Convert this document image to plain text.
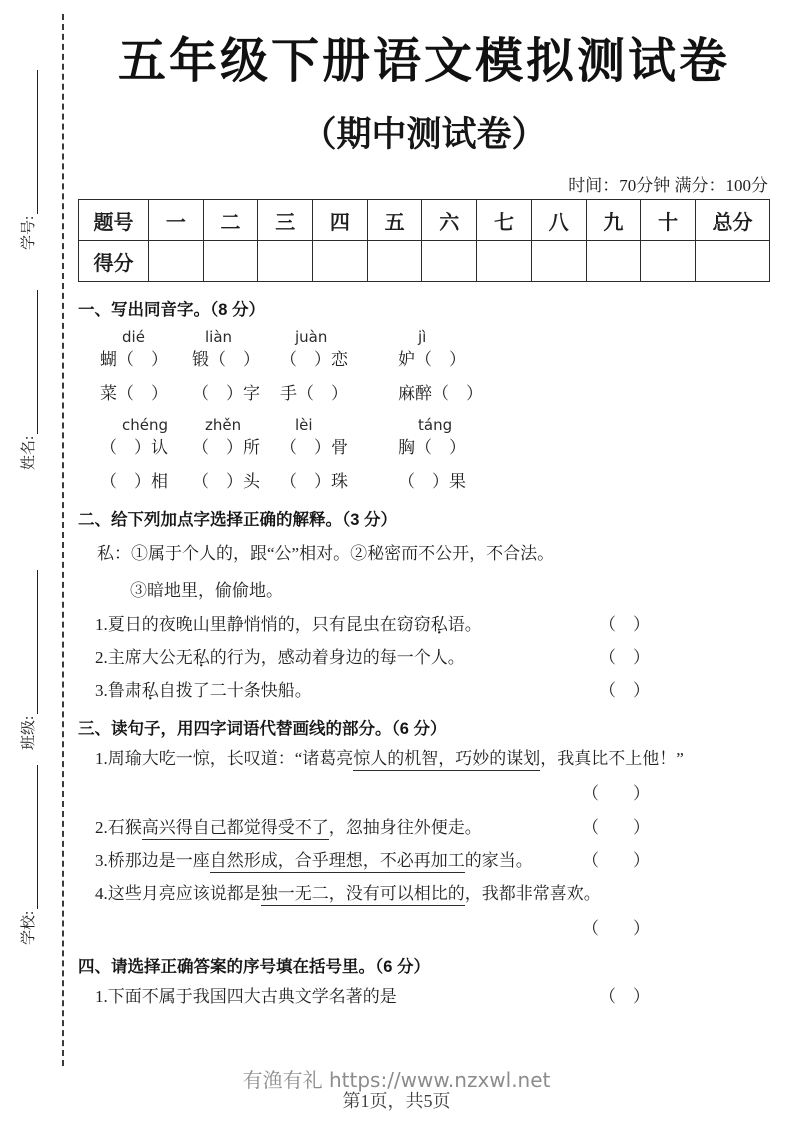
学号:
姓名:
班级:
学校:
五年级下册语文模拟测试卷
（期中测试卷）
时间：70分钟 满分：100分
题号	一	二	三	四	五	六	七	八	九	十	总分
得分											
一、写出同音字。（8 分）
dié	liàn	juàn	jì
蝴（　）	锻（　）	（　）恋	妒（　）
菜（　）	（　）字	手（　）	麻醉（　）
chéng	zhěn	lèi	táng
（　）认	（　）所	（　）骨	胸（　）
（　）相	（　）头	（　）珠	（　）果
二、给下列加点字选择正确的解释。（3 分）
私：①属于个人的，跟“公”相对。②秘密而不公开，不合法。
③暗地里，偷偷地。
1.夏日的夜晚山里静悄悄的，只有昆虫在窃窃私语。	（　）
2.主席大公无私的行为，感动着身边的每一个人。	（　）
3.鲁肃私自拨了二十条快船。	（　）
三、读句子，用四字词语代替画线的部分。（6 分）
1.周瑜大吃一惊，长叹道：“诸葛亮惊人的机智，巧妙的谋划，我真比不上他！”
（　　）
2.石猴高兴得自己都觉得受不了，忽抽身往外便走。	（　　）
3.桥那边是一座自然形成，合乎理想，不必再加工的家当。	（　　）
4.这些月亮应该说都是独一无二，没有可以相比的，我都非常喜欢。
（　　）
四、请选择正确答案的序号填在括号里。（6 分）
1.下面不属于我国四大古典文学名著的是	（　）
有渔有礼 https://www.nzxwl.net
第1页，共5页
